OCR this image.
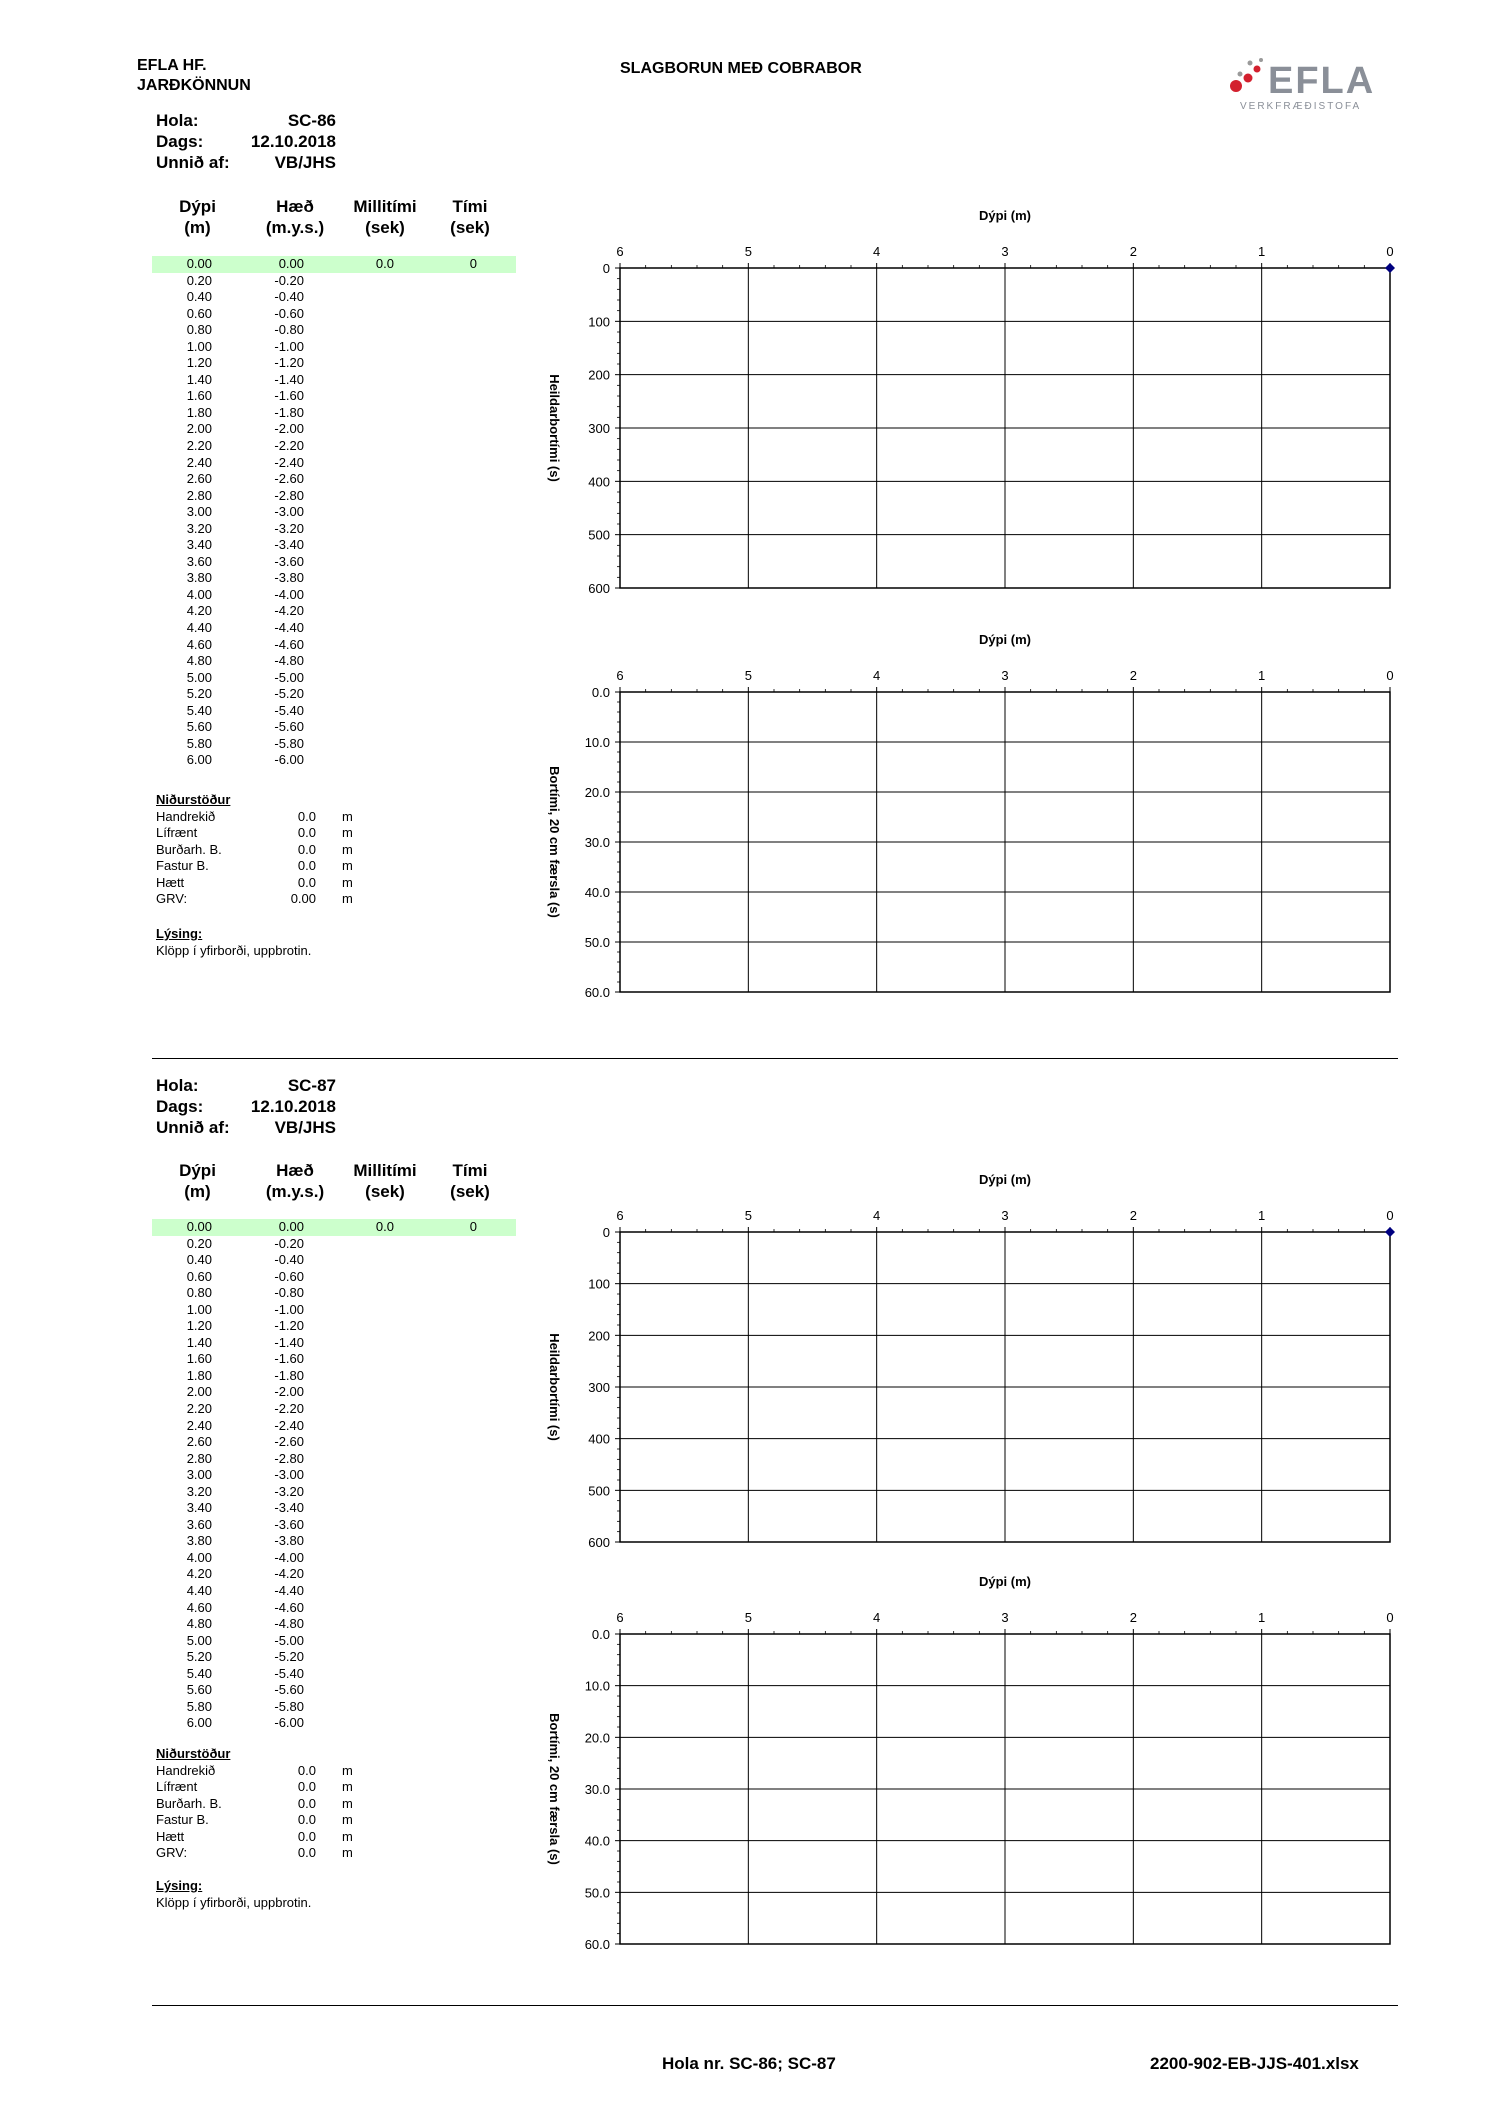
EFLA HF.
JARÐKÖNNUN
SLAGBORUN MEÐ COBRABOR	EFLA
VERKFRÆÐISTOFA
Hola:	SC-86
Dags:	12.10.2018
Unnið af:	VB/JHS
Dýpi
(m)
Hæð
(m.y.s.)
Millitími
(sek)
Tími
(sek)
0.00	0.00	0.0	0
0.20	-0.20
0.40	-0.40
0.60	-0.60
0.80	-0.80
1.00	-1.00
1.20	-1.20
1.40	-1.40
1.60	-1.60
1.80	-1.80
2.00	-2.00
2.20	-2.20
2.40	-2.40
2.60	-2.60
2.80	-2.80
3.00	-3.00
3.20	-3.20
3.40	-3.40
3.60	-3.60
3.80	-3.80
4.00	-4.00
4.20	-4.20
4.40	-4.40
4.60	-4.60
4.80	-4.80
5.00	-5.00
5.20	-5.20
5.40	-5.40
5.60	-5.60
5.80	-5.80
6.00	-6.00
Niðurstöður
Handrekið	0.0 m
Lífrænt	0.0 m
Burðarh. B.	0.0 m
Fastur B.	0.0 m
Hætt	0.0 m
GRV:	0.00 m
Lýsing:
Klöpp í yfirborði, uppbrotin.
Dýpi (m)
0
100
200
300
400
500
600
6	5	4	3	2	1	0
Heildarbortími (s)
Dýpi (m)
0.0
10.0
20.0
30.0
40.0
50.0
60.0
6	5	4	3	2	1	0
Bortími, 20 cm færsla (s)
Hola:	SC-87
Dags:	12.10.2018
Unnið af:	VB/JHS
Dýpi
(m)
Hæð
(m.y.s.)
Millitími
(sek)
Tími
(sek)
0.00	0.00	0.0	0
0.20	-0.20
0.40	-0.40
0.60	-0.60
0.80	-0.80
1.00	-1.00
1.20	-1.20
1.40	-1.40
1.60	-1.60
1.80	-1.80
2.00	-2.00
2.20	-2.20
2.40	-2.40
2.60	-2.60
2.80	-2.80
3.00	-3.00
3.20	-3.20
3.40	-3.40
3.60	-3.60
3.80	-3.80
4.00	-4.00
4.20	-4.20
4.40	-4.40
4.60	-4.60
4.80	-4.80
5.00	-5.00
5.20	-5.20
5.40	-5.40
5.60	-5.60
5.80	-5.80
6.00	-6.00
Niðurstöður
Handrekið	0.0 m
Lífrænt	0.0 m
Burðarh. B.	0.0 m
Fastur B.	0.0 m
Hætt	0.0 m
GRV:	0.0 m
Lýsing:
Klöpp í yfirborði, uppbrotin.
Dýpi (m)
0
100
200
300
400
500
600
6	5	4	3	2	1	0
Heildarbortími (s)
Dýpi (m)
0.0
10.0
20.0
30.0
40.0
50.0
60.0
6	5	4	3	2	1	0
Bortími, 20 cm færsla (s)
Hola nr. SC-86; SC-87	2200-902-EB-JJS-401.xlsx
